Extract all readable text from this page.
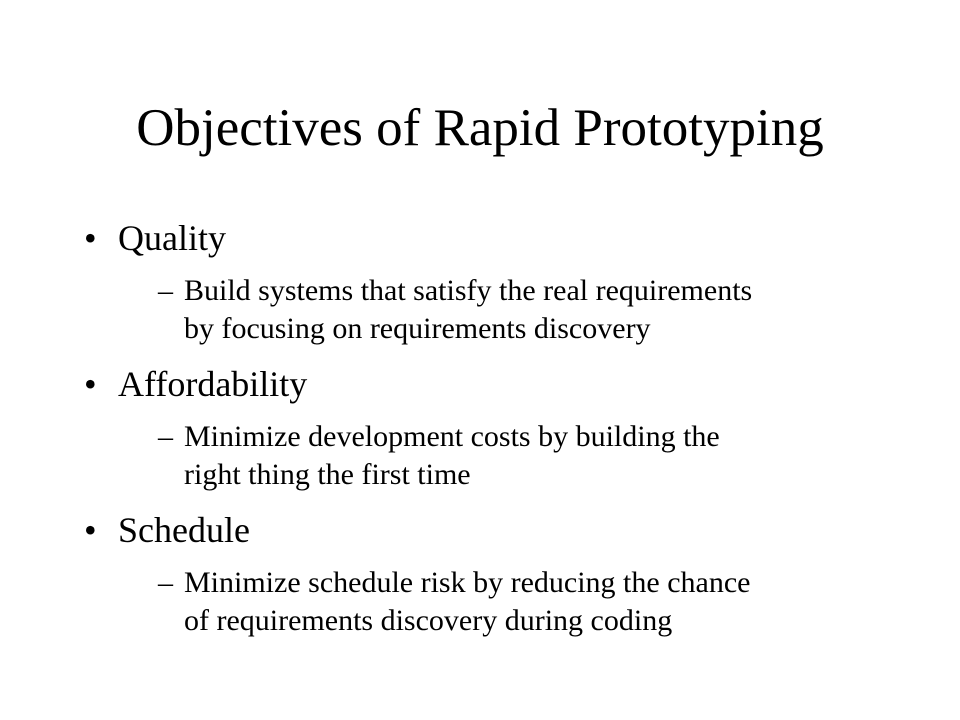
Objectives of Rapid Prototyping
• Quality
– Build systems that satisfy the real requirements
by focusing on requirements discovery
• Affordability
– Minimize development costs by building the
right thing the first time
• Schedule
– Minimize schedule risk by reducing the chance
of requirements discovery during coding
